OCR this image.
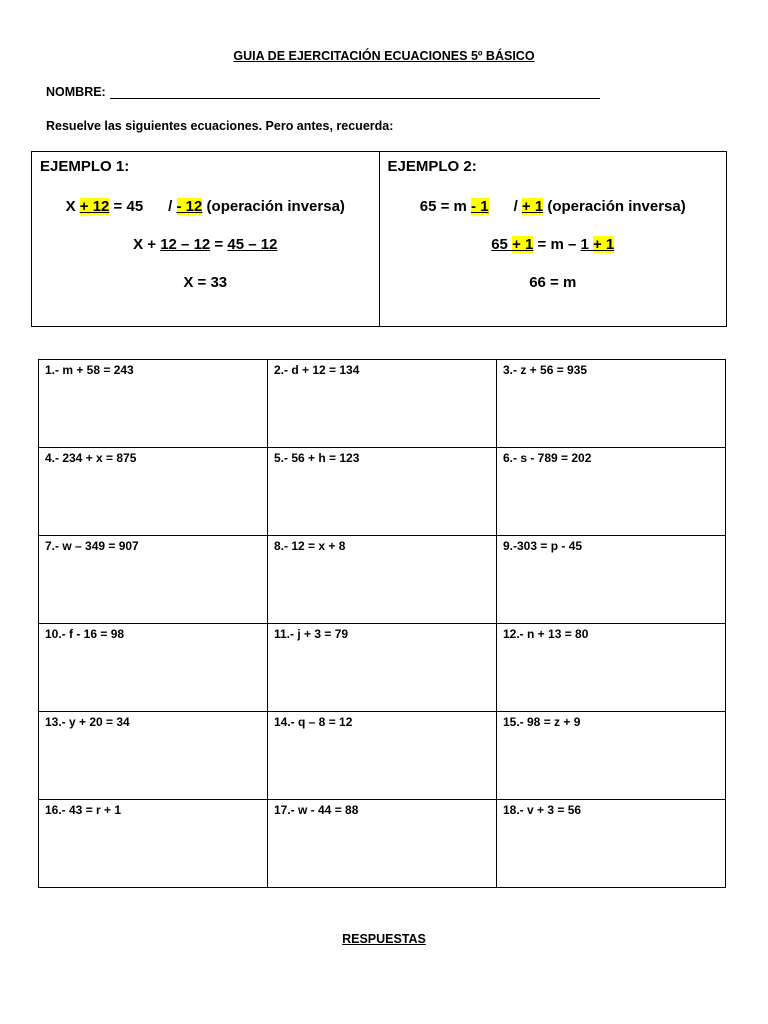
GUIA DE EJERCITACIÓN ECUACIONES 5º BÁSICO
NOMBRE:
Resuelve las siguientes ecuaciones. Pero antes, recuerda:
EJEMPLO 1:
X + 12 = 45      / - 12 (operación inversa)
X + 12 – 12 = 45 – 12
X = 33
EJEMPLO 2:
65 = m - 1      / + 1 (operación inversa)
65 + 1 = m – 1 + 1
66 = m
1.- m + 58 = 243	2.- d + 12 = 134	3.- z + 56 = 935
4.- 234 + x = 875	5.- 56 + h = 123	6.- s - 789 = 202
7.- w – 349 = 907	8.- 12 = x + 8	9.-303 = p - 45
10.- f - 16 = 98	11.- j + 3 = 79	12.- n + 13 = 80
13.- y + 20 = 34	14.- q – 8 = 12	15.- 98 = z + 9
16.- 43 = r + 1	17.- w - 44 = 88	18.- v + 3 = 56
RESPUESTAS
